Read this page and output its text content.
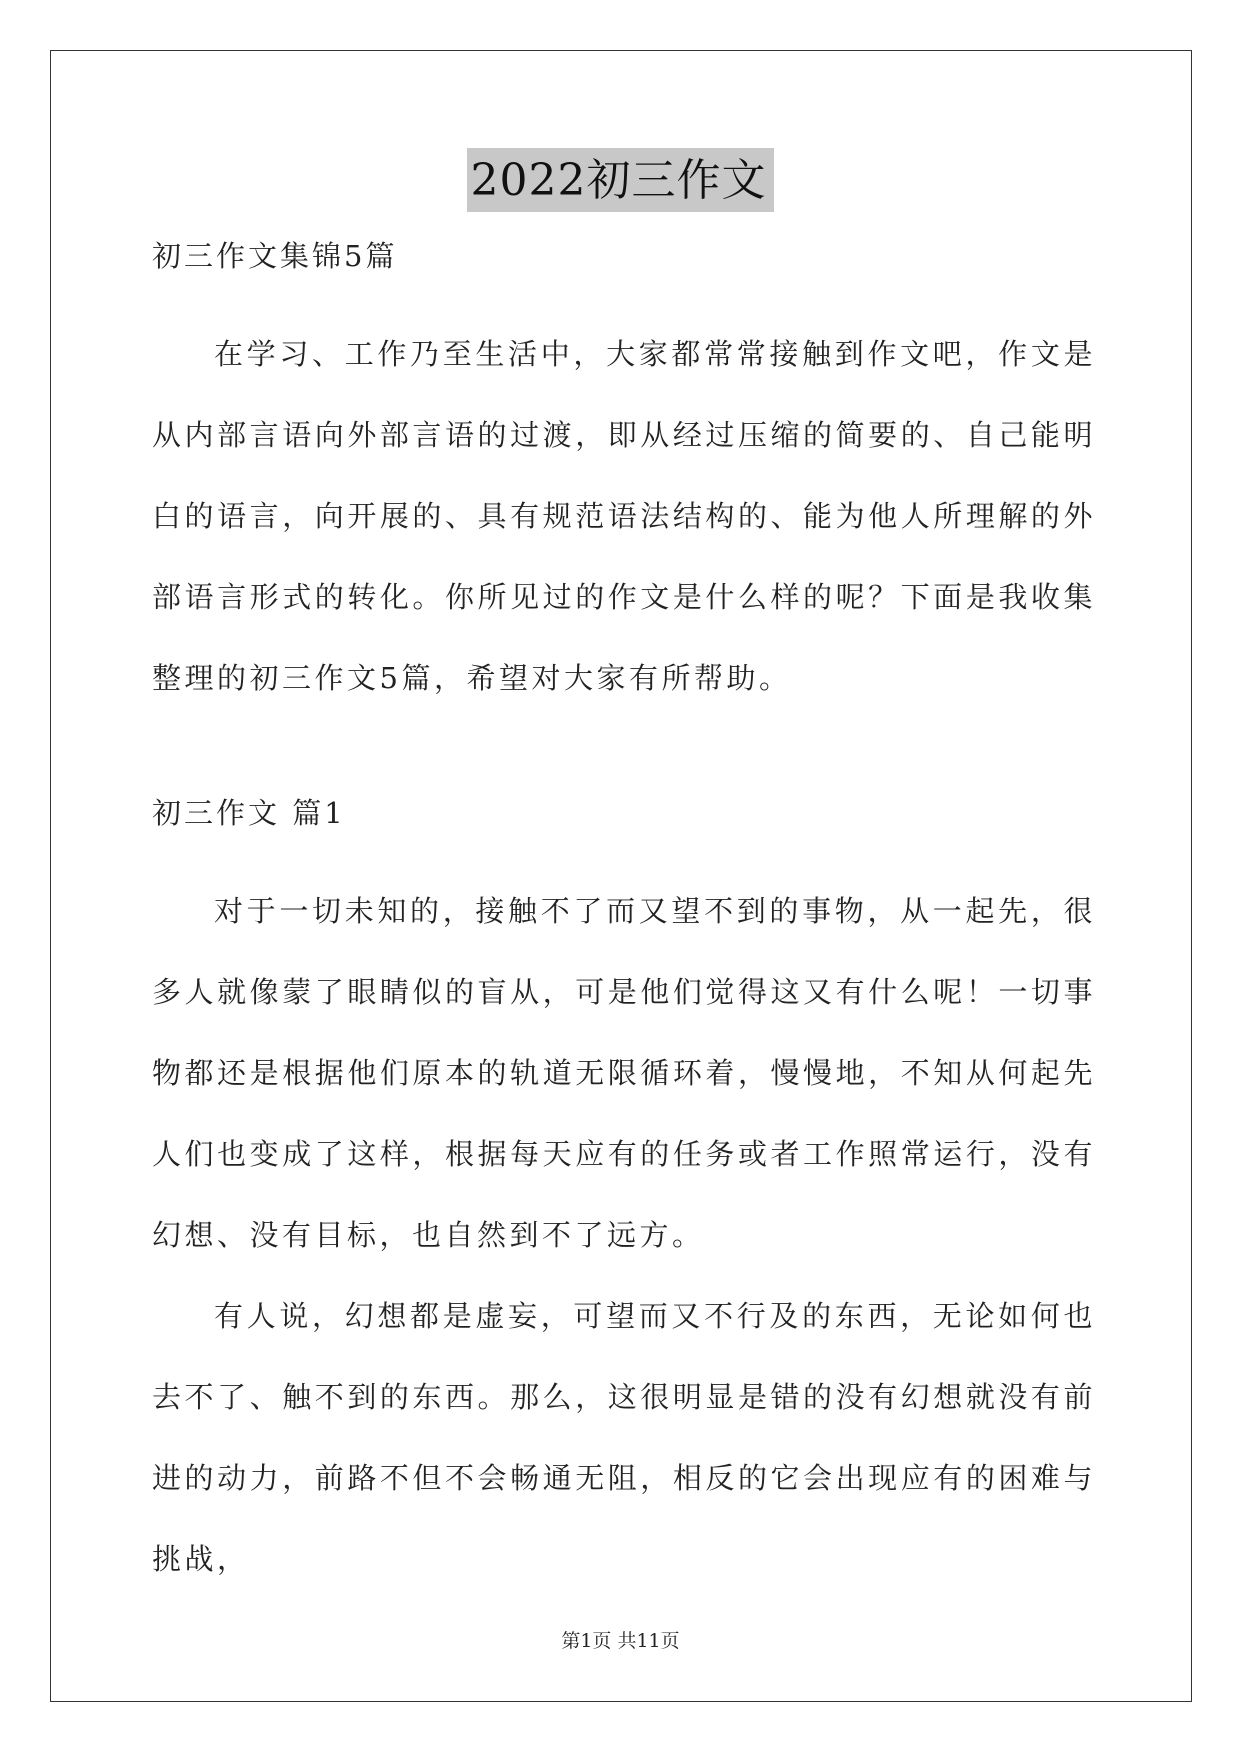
2022初三作文
初三作文集锦5篇
在学习、工作乃至生活中，大家都常常接触到作文吧，作文是从内部言语向外部言语的过渡，即从经过压缩的简要的、自己能明白的语言，向开展的、具有规范语法结构的、能为他人所理解的外部语言形式的转化。你所见过的作文是什么样的呢？下面是我收集整理的初三作文5篇，希望对大家有所帮助。
初三作文 篇1
对于一切未知的，接触不了而又望不到的事物，从一起先，很多人就像蒙了眼睛似的盲从，可是他们觉得这又有什么呢！一切事物都还是根据他们原本的轨道无限循环着，慢慢地，不知从何起先人们也变成了这样，根据每天应有的任务或者工作照常运行，没有幻想、没有目标，也自然到不了远方。
有人说，幻想都是虚妄，可望而又不行及的东西，无论如何也去不了、触不到的东西。那么，这很明显是错的没有幻想就没有前进的动力，前路不但不会畅通无阻，相反的它会出现应有的困难与挑战，
第1页 共11页
